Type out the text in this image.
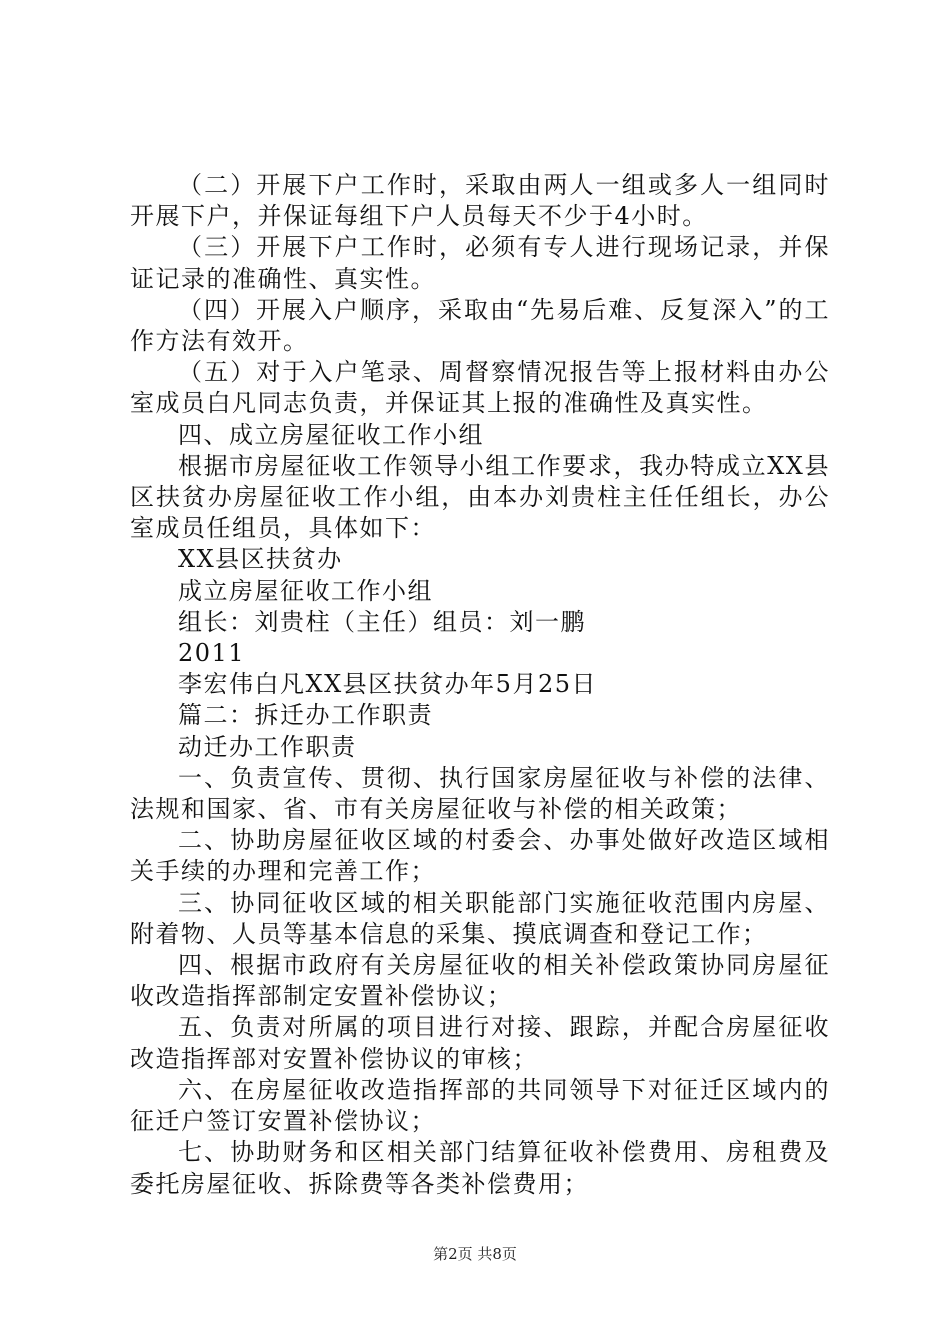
（二）开展下户工作时，采取由两人一组或多人一组同时开展下户，并保证每组下户人员每天不少于4小时。

（三）开展下户工作时，必须有专人进行现场记录，并保证记录的准确性、真实性。

（四）开展入户顺序，采取由“先易后难、反复深入”的工作方法有效开。

（五）对于入户笔录、周督察情况报告等上报材料由办公室成员白凡同志负责，并保证其上报的准确性及真实性。

四、成立房屋征收工作小组

根据市房屋征收工作领导小组工作要求，我办特成立XX县区扶贫办房屋征收工作小组，由本办刘贵柱主任任组长，办公室成员任组员，具体如下：

XX县区扶贫办

成立房屋征收工作小组

组长：刘贵柱（主任）组员：刘一鹏

2011

李宏伟白凡XX县区扶贫办年5月25日

篇二：拆迁办工作职责

动迁办工作职责

一、负责宣传、贯彻、执行国家房屋征收与补偿的法律、法规和国家、省、市有关房屋征收与补偿的相关政策；

二、协助房屋征收区域的村委会、办事处做好改造区域相关手续的办理和完善工作；

三、协同征收区域的相关职能部门实施征收范围内房屋、附着物、人员等基本信息的采集、摸底调查和登记工作；

四、根据市政府有关房屋征收的相关补偿政策协同房屋征收改造指挥部制定安置补偿协议；

五、负责对所属的项目进行对接、跟踪，并配合房屋征收改造指挥部对安置补偿协议的审核；

六、在房屋征收改造指挥部的共同领导下对征迁区域内的征迁户签订安置补偿协议；

七、协助财务和区相关部门结算征收补偿费用、房租费及委托房屋征收、拆除费等各类补偿费用；

第2页 共8页
